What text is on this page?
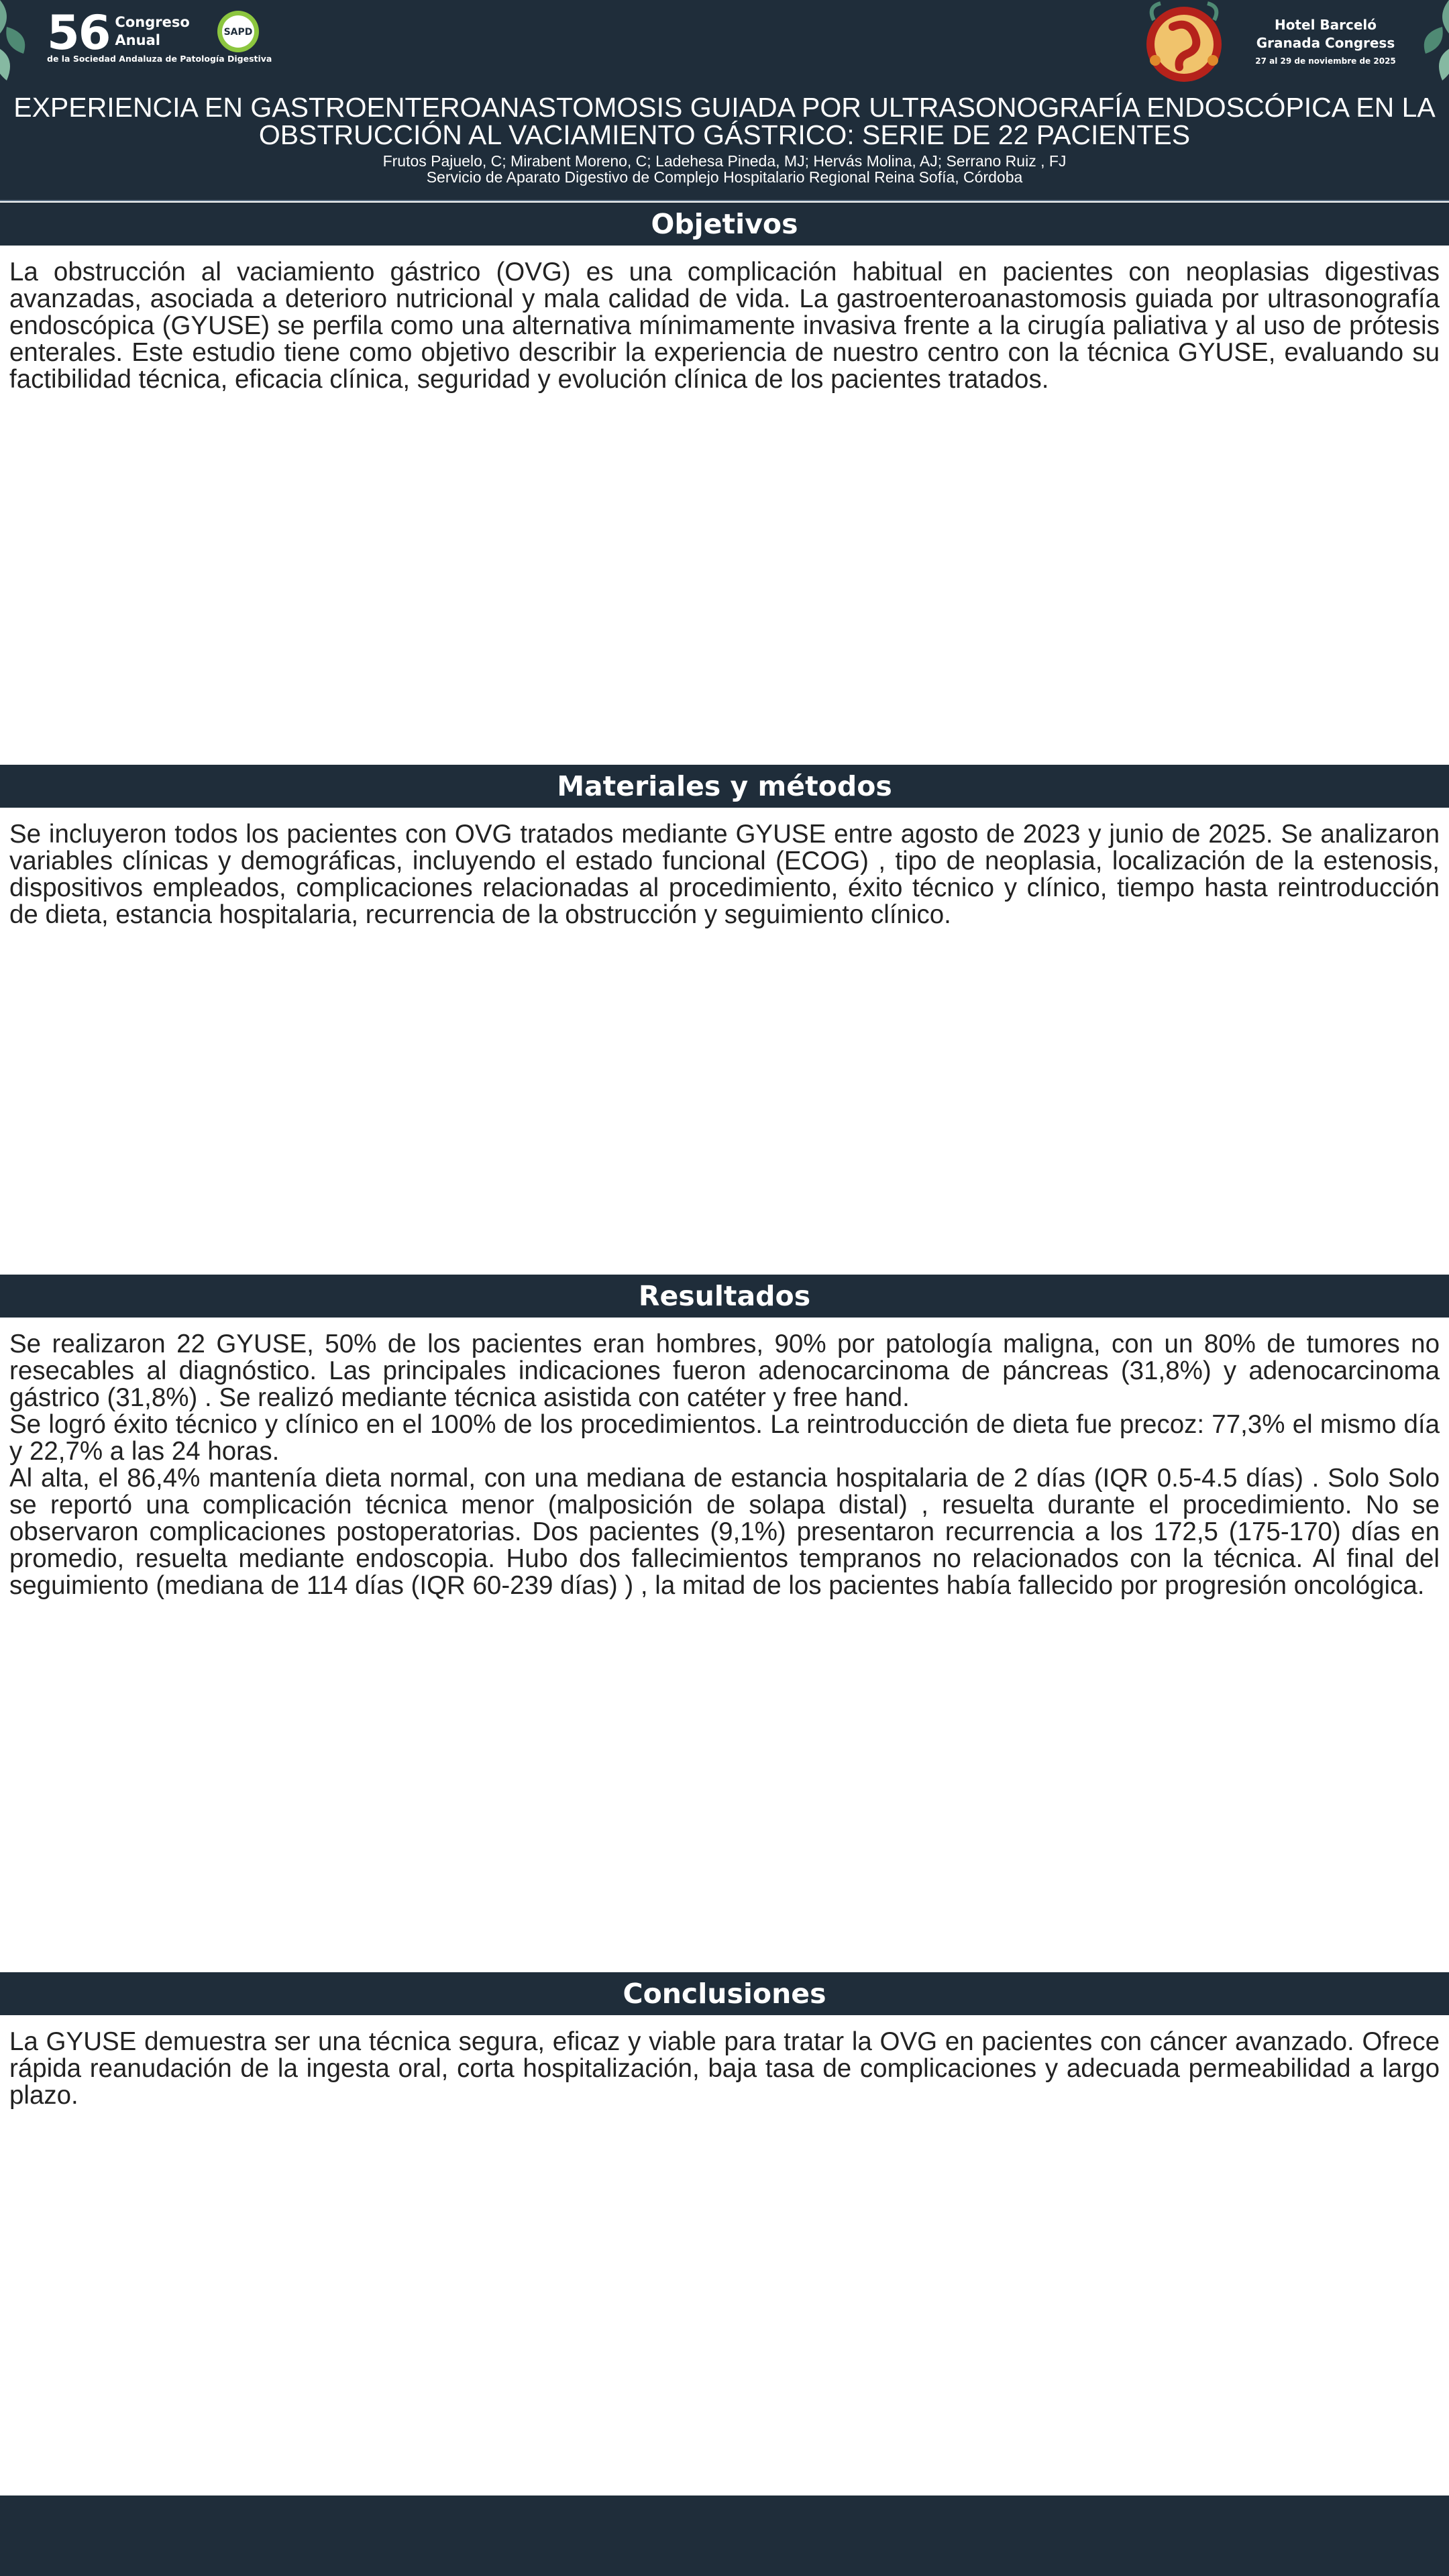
56 Congreso
Anual
de la Sociedad Andaluza de Patología Digestiva
SAPD	Hotel Barceló
Granada Congress
27 al 29 de noviembre de 2025
EXPERIENCIA EN GASTROENTEROANASTOMOSIS GUIADA POR ULTRASONOGRAFÍA ENDOSCÓPICA EN LA OBSTRUCCIÓN AL VACIAMIENTO GÁSTRICO: SERIE DE 22 PACIENTES
Frutos Pajuelo, C; Mirabent Moreno, C; Ladehesa Pineda, MJ; Hervás Molina, AJ; Serrano Ruiz , FJ
Servicio de Aparato Digestivo de Complejo Hospitalario Regional Reina Sofía, Córdoba
Objetivos

La obstrucción al vaciamiento gástrico (OVG) es una complicación habitual en pacientes con neoplasias digestivas avanzadas, asociada a deterioro nutricional y mala calidad de vida. La gastroenteroanastomosis guiada por ultrasonografía endoscópica (GYUSE) se perfila como una alternativa mínimamente invasiva frente a la cirugía paliativa y al uso de prótesis enterales. Este estudio tiene como objetivo describir la experiencia de nuestro centro con la técnica GYUSE, evaluando su factibilidad técnica, eficacia clínica, seguridad y evolución clínica de los pacientes tratados.

Materiales y métodos

Se incluyeron todos los pacientes con OVG tratados mediante GYUSE entre agosto de 2023 y junio de 2025. Se analizaron variables clínicas y demográficas, incluyendo el estado funcional (ECOG) , tipo de neoplasia, localización de la estenosis, dispositivos empleados, complicaciones relacionadas al procedimiento, éxito técnico y clínico, tiempo hasta reintroducción de dieta, estancia hospitalaria, recurrencia de la obstrucción y seguimiento clínico.

Resultados

Se realizaron 22 GYUSE, 50% de los pacientes eran hombres, 90% por patología maligna, con un 80% de tumores no resecables al diagnóstico. Las principales indicaciones fueron adenocarcinoma de páncreas (31,8%) y adenocarcinoma gástrico (31,8%) . Se realizó mediante técnica asistida con catéter y free hand.

Se logró éxito técnico y clínico en el 100% de los procedimientos. La reintroducción de dieta fue precoz: 77,3% el mismo día y 22,7% a las 24 horas.

Al alta, el 86,4% mantenía dieta normal, con una mediana de estancia hospitalaria de 2 días (IQR 0.5-4.5 días) . Solo Solo se reportó una complicación técnica menor (malposición de solapa distal) , resuelta durante el procedimiento. No se observaron complicaciones postoperatorias. Dos pacientes (9,1%) presentaron recurrencia a los 172,5 (175-170) días en promedio, resuelta mediante endoscopia. Hubo dos fallecimientos tempranos no relacionados con la técnica. Al final del seguimiento (mediana de 114 días (IQR 60-239 días) ) , la mitad de los pacientes había fallecido por progresión oncológica.

Conclusiones

La GYUSE demuestra ser una técnica segura, eficaz y viable para tratar la OVG en pacientes con cáncer avanzado. Ofrece rápida reanudación de la ingesta oral, corta hospitalización, baja tasa de complicaciones y adecuada permeabilidad a largo plazo.
